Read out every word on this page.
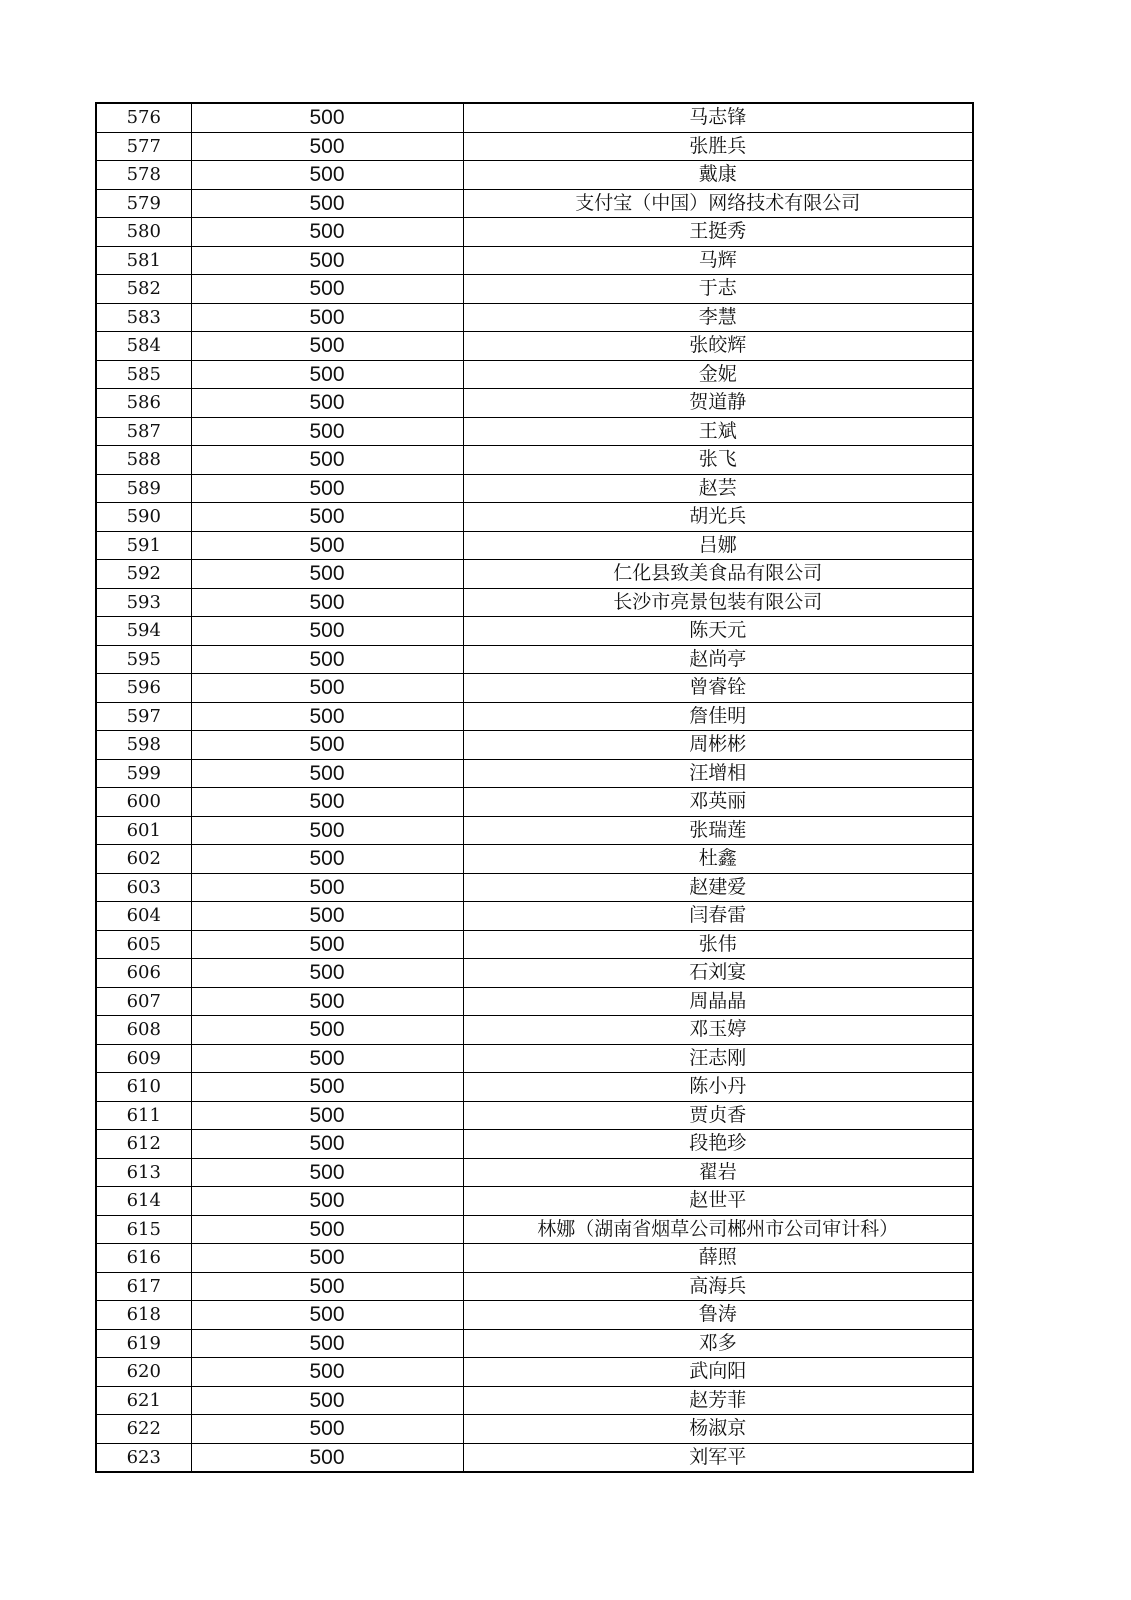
576	500	马志锋
577	500	张胜兵
578	500	戴康
579	500	支付宝（中国）网络技术有限公司
580	500	王挺秀
581	500	马辉
582	500	于志
583	500	李慧
584	500	张皎辉
585	500	金妮
586	500	贺道静
587	500	王斌
588	500	张飞
589	500	赵芸
590	500	胡光兵
591	500	吕娜
592	500	仁化县致美食品有限公司
593	500	长沙市亮景包装有限公司
594	500	陈天元
595	500	赵尚亭
596	500	曾睿铨
597	500	詹佳明
598	500	周彬彬
599	500	汪增相
600	500	邓英丽
601	500	张瑞莲
602	500	杜鑫
603	500	赵建爱
604	500	闫春雷
605	500	张伟
606	500	石刘宴
607	500	周晶晶
608	500	邓玉婷
609	500	汪志刚
610	500	陈小丹
611	500	贾贞香
612	500	段艳珍
613	500	翟岩
614	500	赵世平
615	500	林娜（湖南省烟草公司郴州市公司审计科）
616	500	薛照
617	500	高海兵
618	500	鲁涛
619	500	邓多
620	500	武向阳
621	500	赵芳菲
622	500	杨淑京
623	500	刘军平
